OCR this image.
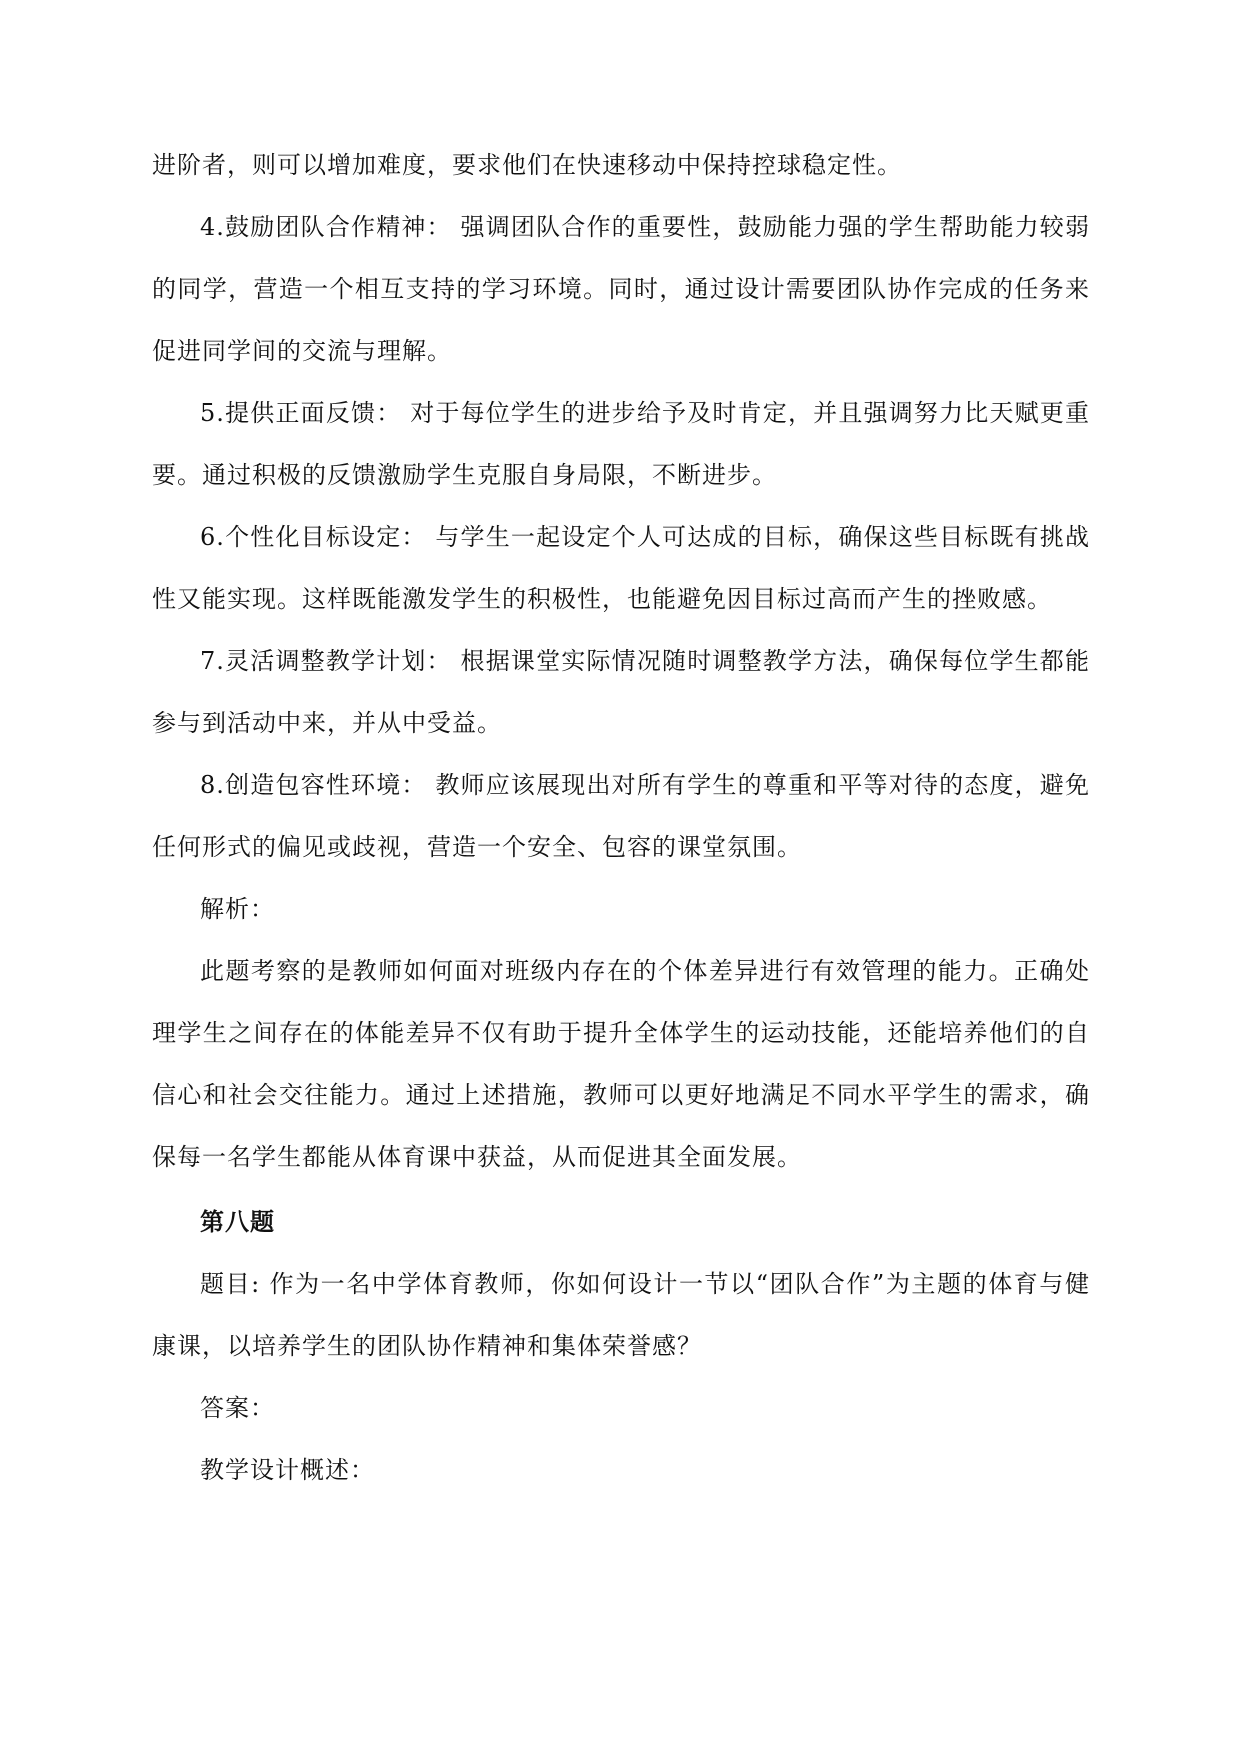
进阶者，则可以增加难度，要求他们在快速移动中保持控球稳定性。

4.鼓励团队合作精神： 强调团队合作的重要性，鼓励能力强的学生帮助能力较弱的同学，营造一个相互支持的学习环境。同时，通过设计需要团队协作完成的任务来促进同学间的交流与理解。

5.提供正面反馈： 对于每位学生的进步给予及时肯定，并且强调努力比天赋更重要。通过积极的反馈激励学生克服自身局限，不断进步。

6.个性化目标设定： 与学生一起设定个人可达成的目标，确保这些目标既有挑战性又能实现。这样既能激发学生的积极性，也能避免因目标过高而产生的挫败感。

7.灵活调整教学计划： 根据课堂实际情况随时调整教学方法，确保每位学生都能参与到活动中来，并从中受益。

8.创造包容性环境： 教师应该展现出对所有学生的尊重和平等对待的态度，避免任何形式的偏见或歧视，营造一个安全、包容的课堂氛围。

解析：

此题考察的是教师如何面对班级内存在的个体差异进行有效管理的能力。正确处理学生之间存在的体能差异不仅有助于提升全体学生的运动技能，还能培养他们的自信心和社会交往能力。通过上述措施，教师可以更好地满足不同水平学生的需求，确保每一名学生都能从体育课中获益，从而促进其全面发展。

第八题

题目: 作为一名中学体育教师，你如何设计一节以“团队合作”为主题的体育与健康课，以培养学生的团队协作精神和集体荣誉感？

答案：

教学设计概述：
